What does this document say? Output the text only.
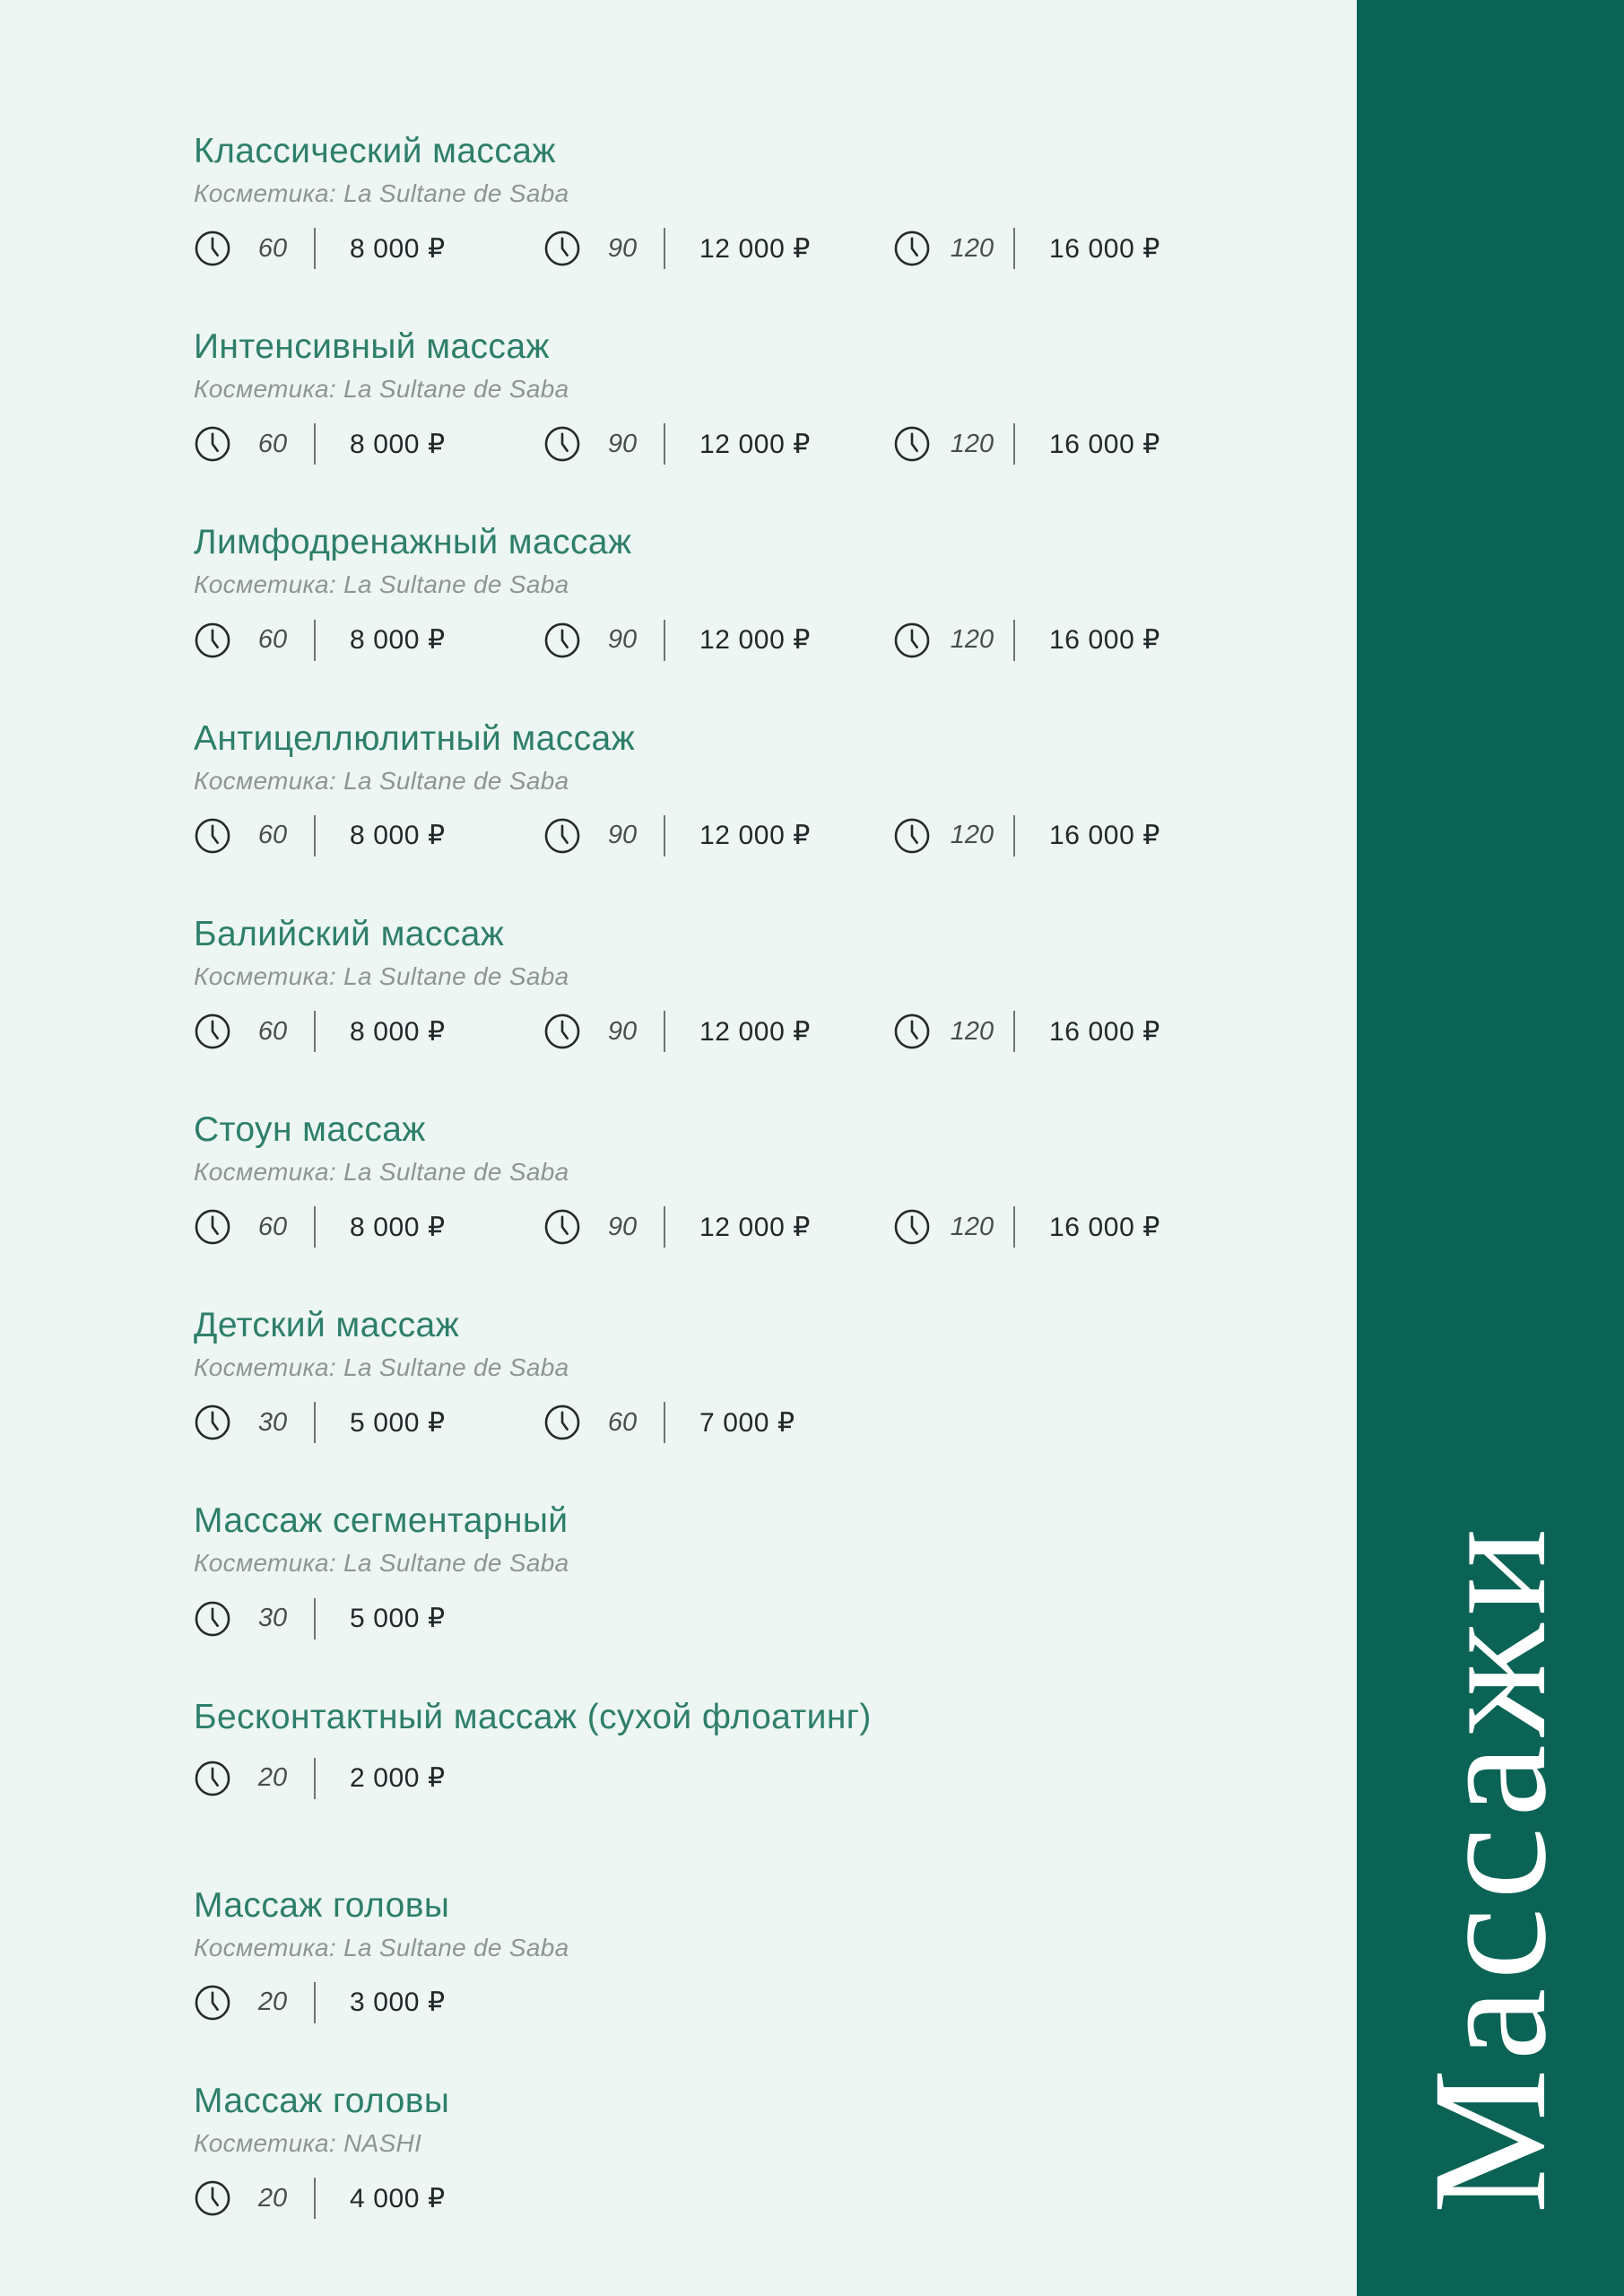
Классический массаж

Косметика: La Sultane de Saba

60	8 000 ₽	90	12 000 ₽	120	16 000 ₽
Интенсивный массаж

Косметика: La Sultane de Saba

60	8 000 ₽	90	12 000 ₽	120	16 000 ₽
Лимфодренажный массаж

Косметика: La Sultane de Saba

60	8 000 ₽	90	12 000 ₽	120	16 000 ₽
Антицеллюлитный массаж

Косметика: La Sultane de Saba

60	8 000 ₽	90	12 000 ₽	120	16 000 ₽
Балийский массаж

Косметика: La Sultane de Saba

60	8 000 ₽	90	12 000 ₽	120	16 000 ₽
Стоун массаж

Косметика: La Sultane de Saba

60	8 000 ₽	90	12 000 ₽	120	16 000 ₽
Детский массаж

Косметика: La Sultane de Saba

30	5 000 ₽	60	7 000 ₽
Массаж сегментарный

Косметика: La Sultane de Saba

30	5 000 ₽
Бесконтактный массаж (сухой флоатинг)
20	2 000 ₽
Массаж головы

Косметика: La Sultane de Saba

20	3 000 ₽
Массаж головы

Косметика: NASHI

20	4 000 ₽	Массажи
